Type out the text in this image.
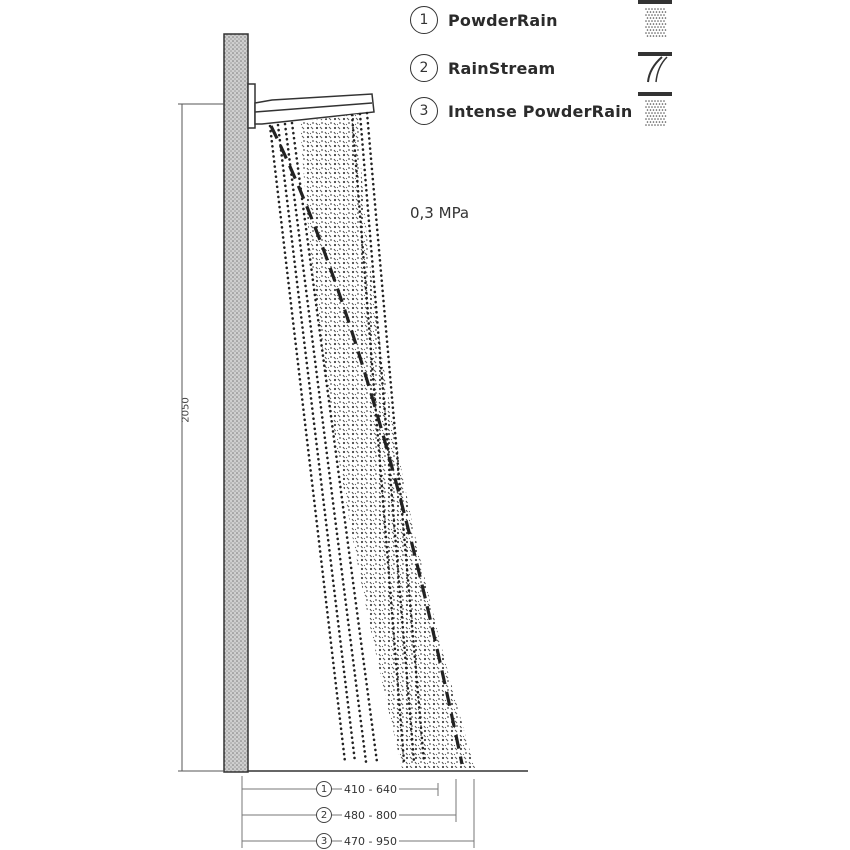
1	PowderRain
2	RainStream
3	Intense PowderRain
0,3 MPa
2050
1	410 - 640
2	480 - 800
3	470 - 950
